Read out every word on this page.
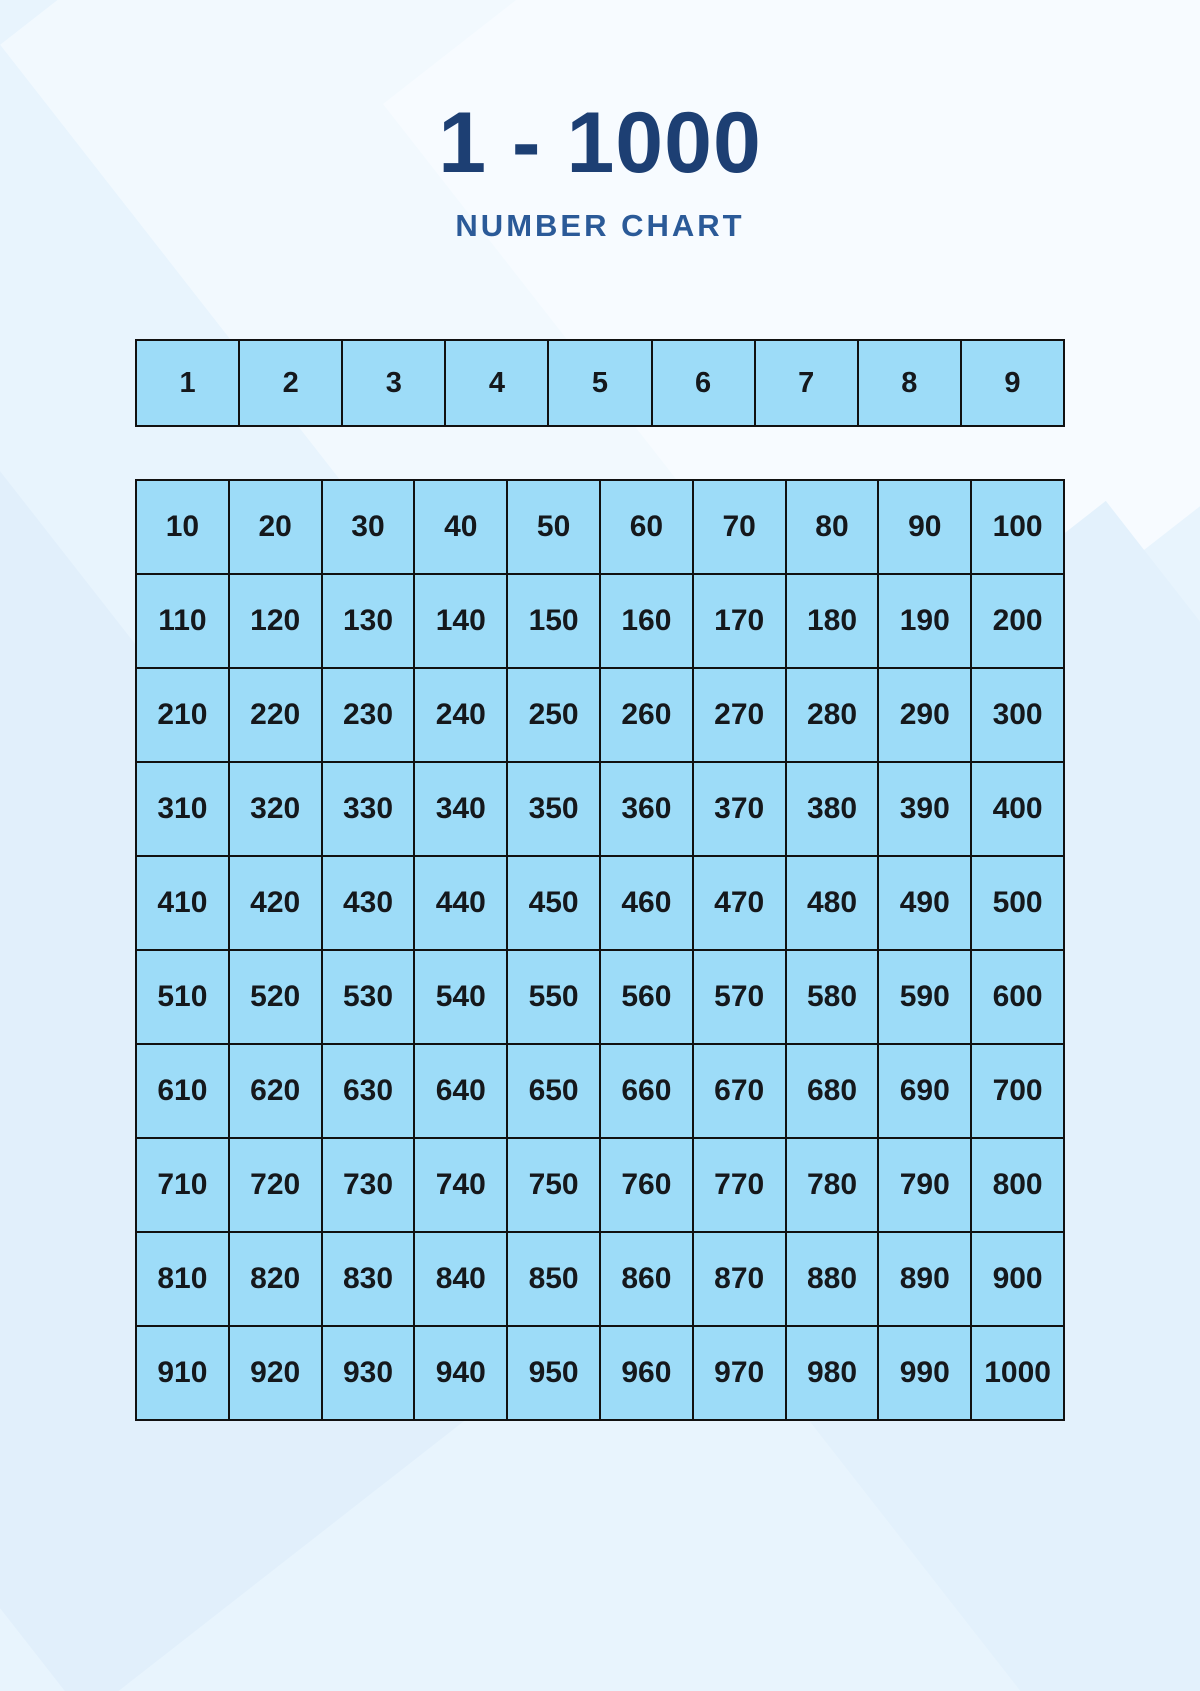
1 - 1000

NUMBER CHART

1	2	3	4	5	6	7	8	9
10	20	30	40	50	60	70	80	90	100
110	120	130	140	150	160	170	180	190	200
210	220	230	240	250	260	270	280	290	300
310	320	330	340	350	360	370	380	390	400
410	420	430	440	450	460	470	480	490	500
510	520	530	540	550	560	570	580	590	600
610	620	630	640	650	660	670	680	690	700
710	720	730	740	750	760	770	780	790	800
810	820	830	840	850	860	870	880	890	900
910	920	930	940	950	960	970	980	990	1000
